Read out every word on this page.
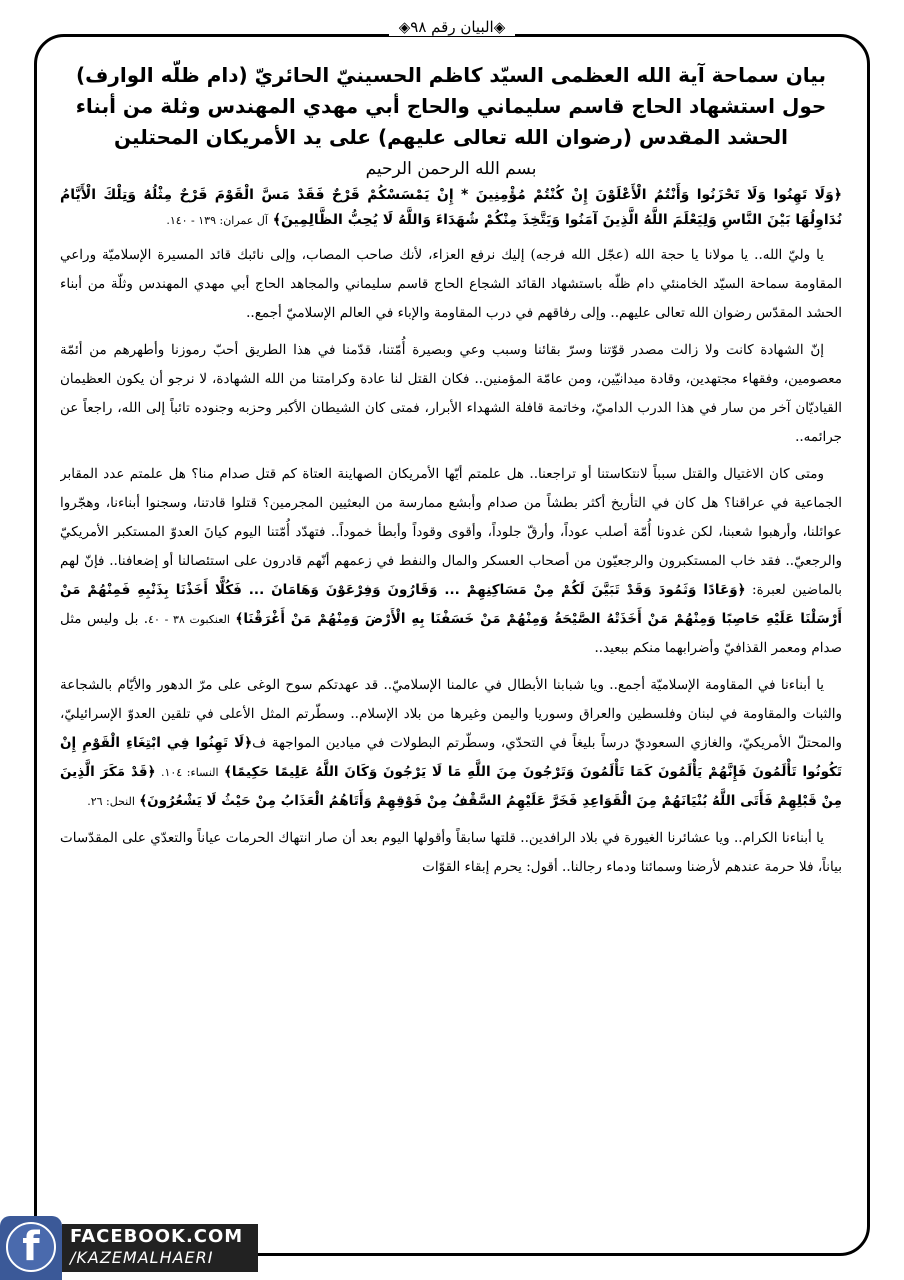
◈البيان رقم ٩٨◈
بيان سماحة آية الله العظمى السيّد كاظم الحسينيّ الحائريّ (دام ظلّه الوارف)
حول استشهاد الحاج قاسم سليماني والحاج أبي مهدي المهندس وثلة من أبناء
الحشد المقدس (رضوان الله تعالى عليهم) على يد الأمريكان المحتلين
بسم الله الرحمن الرحيم
﴿وَلَا تَهِنُوا وَلَا تَحْزَنُوا وَأَنْتُمُ الْأَعْلَوْنَ إِنْ كُنْتُمْ مُؤْمِنِينَ * إِنْ يَمْسَسْكُمْ قَرْحٌ فَقَدْ مَسَّ الْقَوْمَ قَرْحٌ مِثْلُهُ وَتِلْكَ الْأَيَّامُ نُدَاوِلُهَا بَيْنَ النَّاسِ وَلِيَعْلَمَ اللَّهُ الَّذِينَ آمَنُوا وَيَتَّخِذَ مِنْكُمْ شُهَدَاءَ وَاللَّهُ لَا يُحِبُّ الظَّالِمِينَ﴾ آل عمران: ١٣٩ - ١٤٠.

يا وليّ الله.. يا مولانا يا حجة الله (عجّل الله فرجه) إليك نرفع العزاء، لأنك صاحب المصاب، وإلى نائبك قائد المسيرة الإسلاميّة وراعي المقاومة سماحة السيّد الخامنئي دام ظلّه باستشهاد القائد الشجاع الحاج قاسم سليماني والمجاهد الحاج أبي مهدي المهندس وثلّة من أبناء الحشد المقدّس رضوان الله تعالى عليهم.. وإلى رفاقهم في درب المقاومة والإباء في العالم الإسلاميّ أجمع..

إنّ الشهادة كانت ولا زالت مصدر قوّتنا وسرّ بقائنا وسبب وعي وبصيرة أُمّتنا، قدّمنا في هذا الطريق أحبّ رموزنا وأطهرهم من أئمّة معصومين، وفقهاء مجتهدين، وقادة ميدانيّين، ومن عامّة المؤمنين.. فكان القتل لنا عادة وكرامتنا من الله الشهادة، لا نرجو أن يكون العظيمان القياديّان آخر من سار في هذا الدرب الداميّ، وخاتمة قافلة الشهداء الأبرار، فمتى كان الشيطان الأكبر وحزبه وجنوده تائباً إلى الله، راجعاً عن جرائمه..

ومتى كان الاغتيال والقتل سبباً لانتكاستنا أو تراجعنا.. هل علمتم أيّها الأمريكان الصهاينة العتاة كم قتل صدام منا؟ هل علمتم عدد المقابر الجماعية في عراقنا؟ هل كان في التأريخ أكثر بطشاً من صدام وأبشع ممارسة من البعثيين المجرمين؟ قتلوا قادتنا، وسجنوا أبناءنا، وهجّروا عوائلنا، وأرهبوا شعبنا، لكن غدونا أُمّة أصلب عوداً، وأرقّ جلوداً، وأقوى وقوداً وأبطأ خموداً.. فتهدّد أُمّتنا اليوم كيانَ العدوّ المستكبر الأمريكيّ والرجعيّ.. فقد خاب المستكبرون والرجعيّون من أصحاب العسكر والمال والنفط في زعمهم أنّهم قادرون على استئصالنا أو إضعافنا.. فإنّ لهم بالماضين لعبرة: ﴿وَعَادًا وَثَمُودَ وَقَدْ تَبَيَّنَ لَكُمْ مِنْ مَسَاكِنِهِمْ ... وَقَارُونَ وَفِرْعَوْنَ وَهَامَانَ ... فَكُلًّا أَخَذْنَا بِذَنْبِهِ فَمِنْهُمْ مَنْ أَرْسَلْنَا عَلَيْهِ حَاصِبًا وَمِنْهُمْ مَنْ أَخَذَتْهُ الصَّيْحَةُ وَمِنْهُمْ مَنْ خَسَفْنَا بِهِ الْأَرْضَ وَمِنْهُمْ مَنْ أَغْرَقْنَا﴾ العنكبوت ٣٨ - ٤٠. بل وليس مثل صدام ومعمر القذافيّ وأضرابهما منكم ببعيد..

يا أبناءنا في المقاومة الإسلاميّة أجمع.. ويا شبابنا الأبطال في عالمنا الإسلاميّ.. قد عهدتكم سوح الوغى على مرّ الدهور والأيّام بالشجاعة والثبات والمقاومة في لبنان وفلسطين والعراق وسوريا واليمن وغيرها من بلاد الإسلام.. وسطّرتم المثل الأعلى في تلقين العدوّ الإسرائيليّ، والمحتلّ الأمريكيّ، والغازي السعوديّ درساً بليغاً في التحدّي، وسطّرتم البطولات في ميادين المواجهة ف﴿لَا تَهِنُوا فِي ابْتِغَاءِ الْقَوْمِ إِنْ تَكُونُوا تَأْلَمُونَ فَإِنَّهُمْ يَأْلَمُونَ كَمَا تَأْلَمُونَ وَتَرْجُونَ مِنَ اللَّهِ مَا لَا يَرْجُونَ وَكَانَ اللَّهُ عَلِيمًا حَكِيمًا﴾ النساء: ١٠٤. ﴿قَدْ مَكَرَ الَّذِينَ مِنْ قَبْلِهِمْ فَأَتَى اللَّهُ بُنْيَانَهُمْ مِنَ الْقَوَاعِدِ فَخَرَّ عَلَيْهِمُ السَّقْفُ مِنْ فَوْقِهِمْ وَأَتَاهُمُ الْعَذَابُ مِنْ حَيْثُ لَا يَشْعُرُونَ﴾ النحل: ٢٦.

يا أبناءنا الكرام.. ويا عشائرنا الغيورة في بلاد الرافدين.. قلتها سابقاً وأقولها اليوم بعد أن صار انتهاك الحرمات عياناً والتعدّي على المقدّسات بياناً، فلا حرمة عندهم لأرضنا وسمائنا ودماء رجالنا.. أقول: يحرم إبقاء القوّات

f	FACEBOOK.COM
/KAZEMALHAERI
